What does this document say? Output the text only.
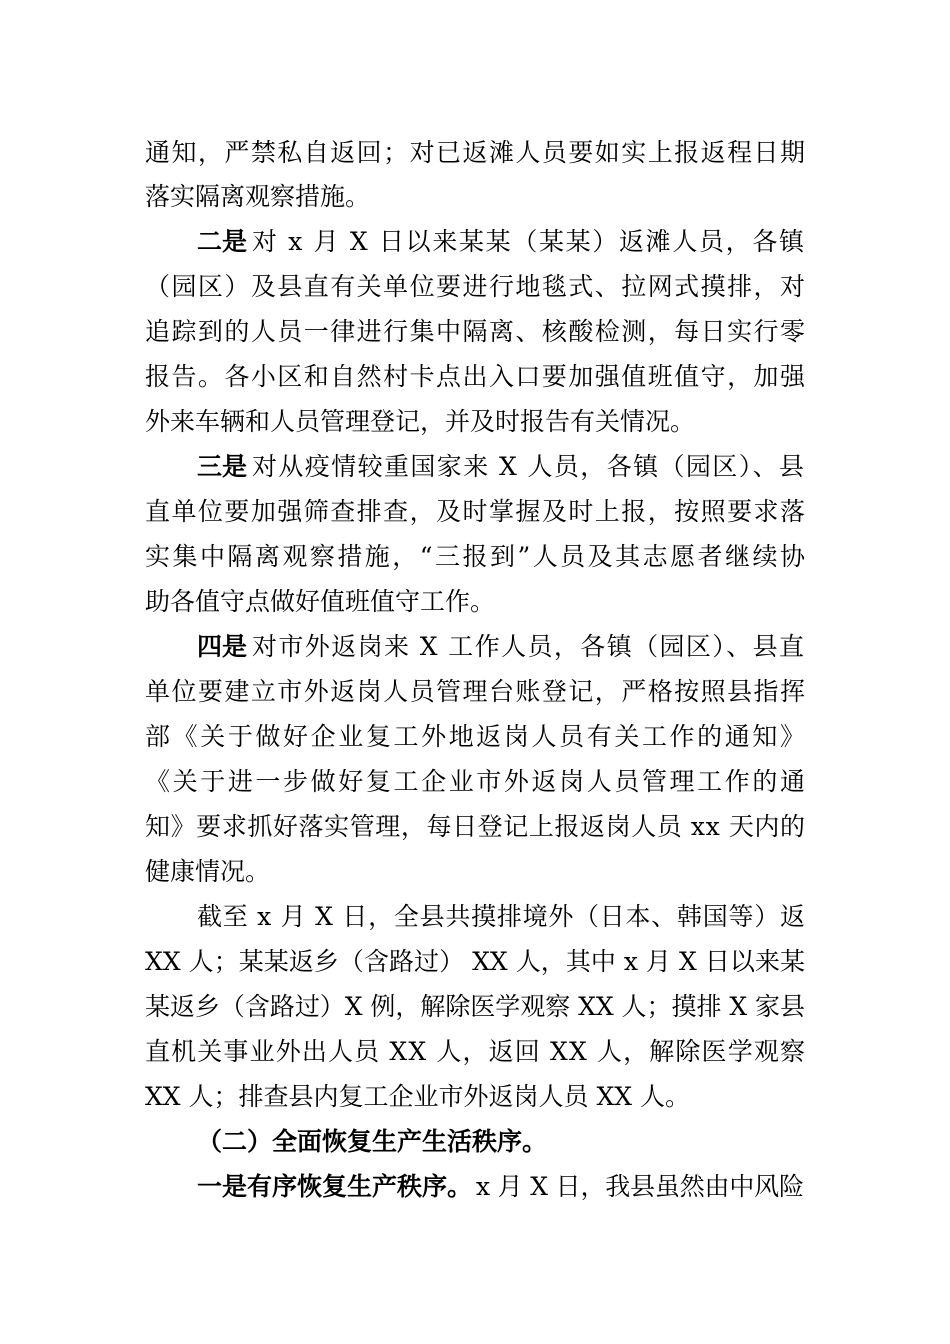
通知，严禁私自返回；对已返滩人员要如实上报返程日期
落实隔离观察措施。
二是 对 x 月 X 日以来某某（某某）返滩人员，各镇
（园区）及县直有关单位要进行地毯式、拉网式摸排，对
追踪到的人员一律进行集中隔离、核酸检测，每日实行零
报告。各小区和自然村卡点出入口要加强值班值守，加强
外来车辆和人员管理登记，并及时报告有关情况。
三是 对从疫情较重国家来 X 人员，各镇（园区）、县
直单位要加强筛查排查，及时掌握及时上报，按照要求落
实集中隔离观察措施，“三报到”人员及其志愿者继续协
助各值守点做好值班值守工作。
四是 对市外返岗来 X 工作人员，各镇（园区）、县直
单位要建立市外返岗人员管理台账登记，严格按照县指挥
部《关于做好企业复工外地返岗人员有关工作的通知》
《关于进一步做好复工企业市外返岗人员管理工作的通
知》要求抓好落实管理，每日登记上报返岗人员 xx 天内的
健康情况。
截至 x 月 X 日，全县共摸排境外（日本、韩国等）返
XX 人；某某返乡（含路过） XX 人，其中 x 月 X 日以来某
某返乡（含路过）X 例，解除医学观察 XX 人；摸排 X 家县
直机关事业外出人员 XX 人，返回 XX 人，解除医学观察
XX 人；排查县内复工企业市外返岗人员 XX 人。
（二）全面恢复生产生活秩序。
一是有序恢复生产秩序。 x 月 X 日，我县虽然由中风险
